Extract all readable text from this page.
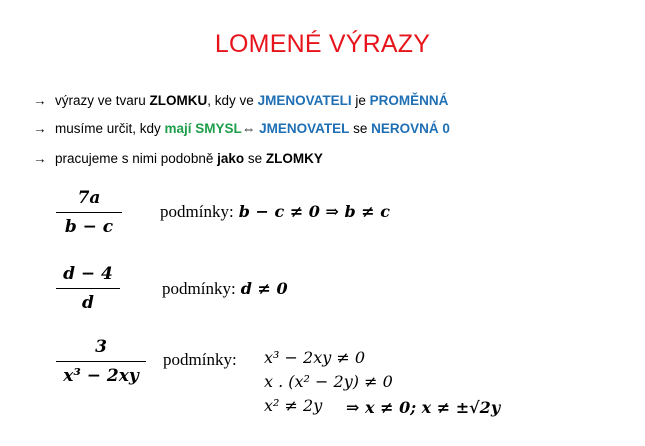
LOMENÉ VÝRAZY
→ výrazy ve tvaru ZLOMKU, kdy ve JMENOVATELI je PROMĚNNÁ
→ musíme určit, kdy mají SMYSL⇔ JMENOVATEL se NEROVNÁ 0
→ pracujeme s nimi podobně jako se ZLOMKY
7a
b − c
podmínky: b − c ≠ 0 ⇒ b ≠ c
d − 4
d
podmínky: d ≠ 0
3
x³ − 2xy
podmínky: x³ − 2xy ≠ 0
x . (x² − 2y) ≠ 0
x² ≠ 2y ⇒ x ≠ 0; x ≠ ±√2y
